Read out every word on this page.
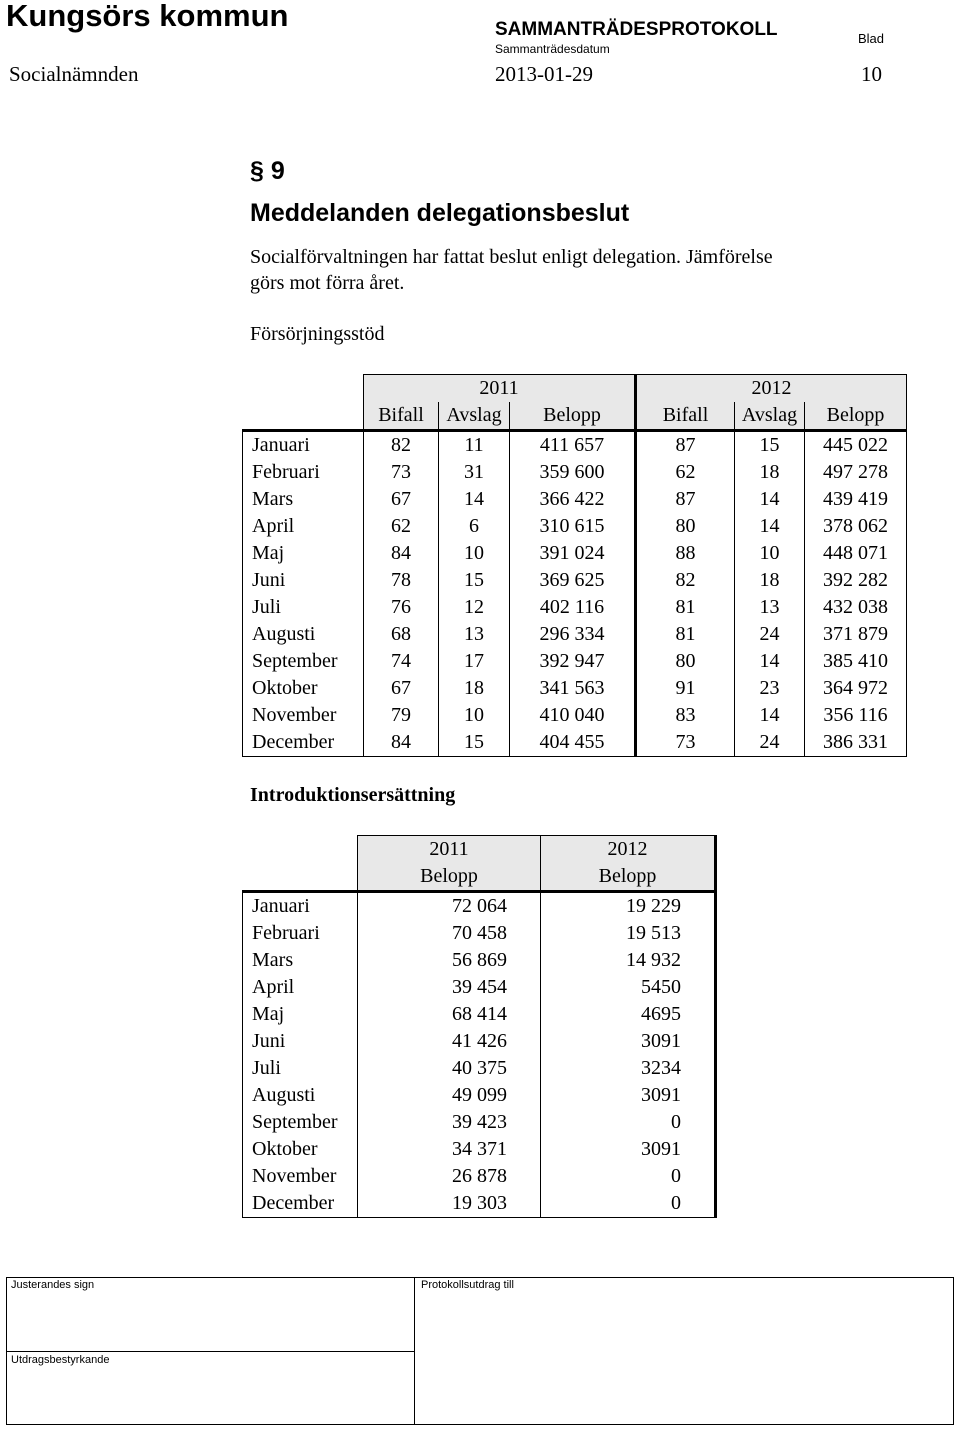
Kungsörs kommun	SAMMANTRÄDESPROTOKOLL
Sammanträdesdatum
Blad
Socialnämnden	2013-01-29	10
§ 9
Meddelanden delegationsbeslut
Socialförvaltningen har fattat beslut enligt delegation. Jämförelse
görs mot förra året.
Försörjningsstöd
	2011			2012		
	Bifall	Avslag	Belopp	Bifall	Avslag	Belopp
Januari	82	11	411 657	87	15	445 022
Februari	73	31	359 600	62	18	497 278
Mars	67	14	366 422	87	14	439 419
April	62	6	310 615	80	14	378 062
Maj	84	10	391 024	88	10	448 071
Juni	78	15	369 625	82	18	392 282
Juli	76	12	402 116	81	13	432 038
Augusti	68	13	296 334	81	24	371 879
September	74	17	392 947	80	14	385 410
Oktober	67	18	341 563	91	23	364 972
November	79	10	410 040	83	14	356 116
December	84	15	404 455	73	24	386 331
Introduktionsersättning
	2011	2012
	Belopp	Belopp
Januari	72 064	19 229
Februari	70 458	19 513
Mars	56 869	14 932
April	39 454	5450
Maj	68 414	4695
Juni	41 426	3091
Juli	40 375	3234
Augusti	49 099	3091
September	39 423	0
Oktober	34 371	3091
November	26 878	0
December	19 303	0
Justerandes sign	Protokollsutdrag till
Utdragsbestyrkande
